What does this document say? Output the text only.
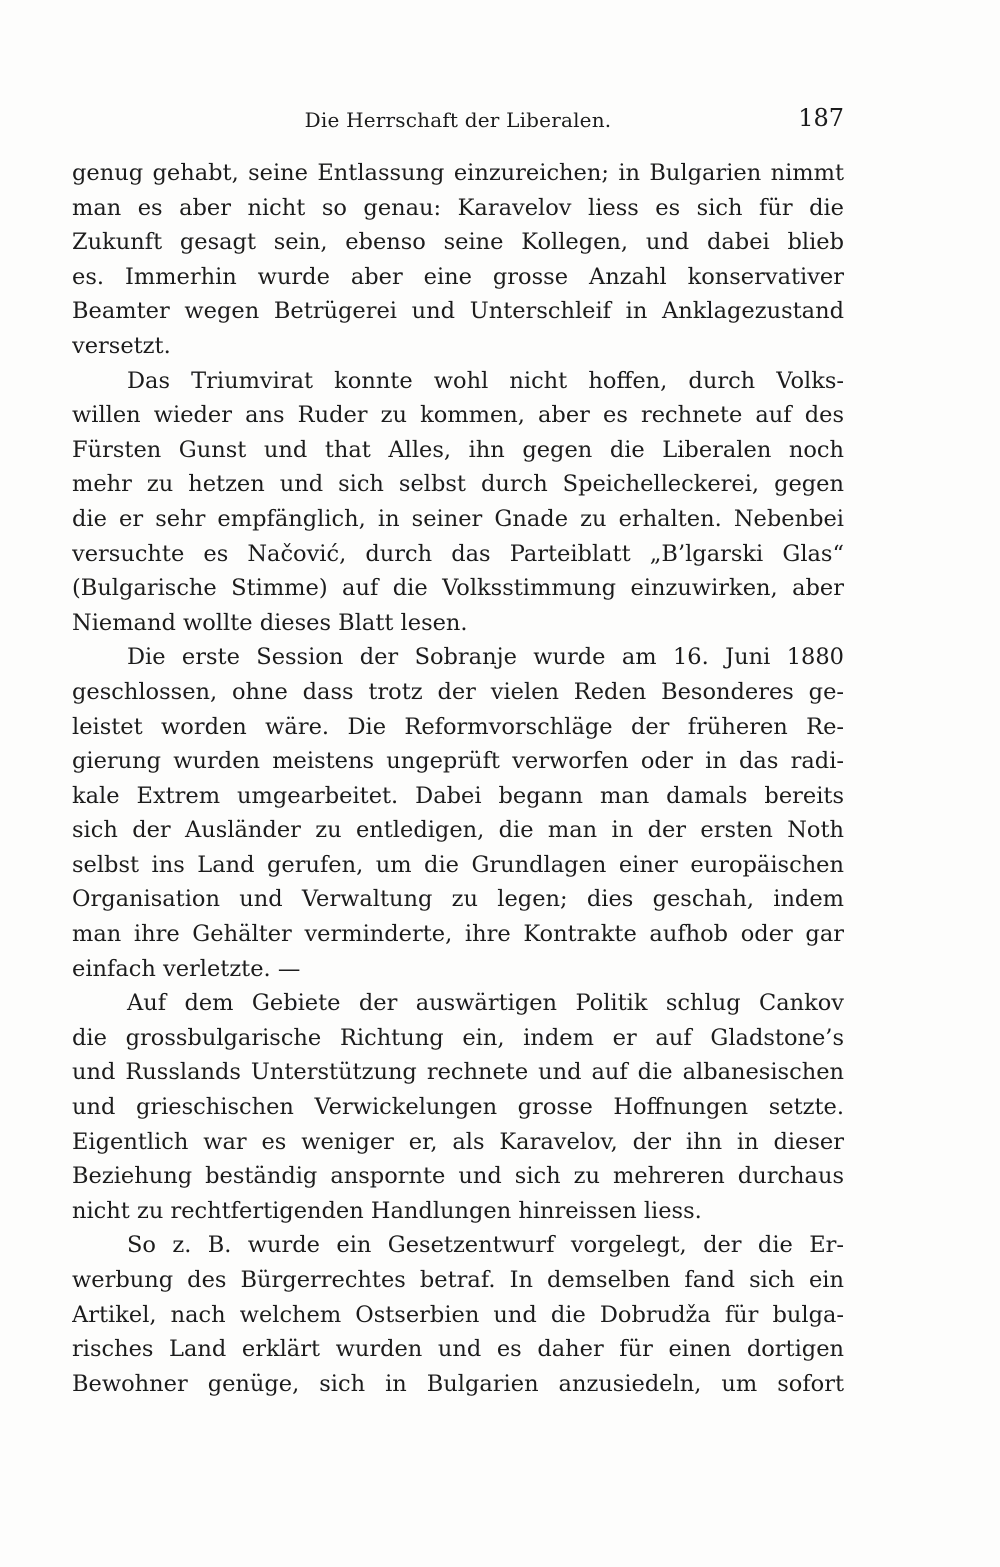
Die Herrschaft der Liberalen.	187

genug gehabt, seine Entlassung einzureichen; in Bulgarien nimmt
man es aber nicht so genau: Karavelov liess es sich für die
Zukunft gesagt sein, ebenso seine Kollegen, und dabei blieb
es. Immerhin wurde aber eine grosse Anzahl konservativer
Beamter wegen Betrügerei und Unterschleif in Anklagezustand
versetzt.

Das Triumvirat konnte wohl nicht hoffen, durch Volks-
willen wieder ans Ruder zu kommen, aber es rechnete auf des
Fürsten Gunst und that Alles, ihn gegen die Liberalen noch
mehr zu hetzen und sich selbst durch Speichelleckerei, gegen
die er sehr empfänglich, in seiner Gnade zu erhalten. Nebenbei
versuchte es Načović, durch das Parteiblatt „B’lgarski Glas“
(Bulgarische Stimme) auf die Volksstimmung einzuwirken, aber
Niemand wollte dieses Blatt lesen.

Die erste Session der Sobranje wurde am 16. Juni 1880
geschlossen, ohne dass trotz der vielen Reden Besonderes ge-
leistet worden wäre. Die Reformvorschläge der früheren Re-
gierung wurden meistens ungeprüft verworfen oder in das radi-
kale Extrem umgearbeitet. Dabei begann man damals bereits
sich der Ausländer zu entledigen, die man in der ersten Noth
selbst ins Land gerufen, um die Grundlagen einer europäischen
Organisation und Verwaltung zu legen; dies geschah, indem
man ihre Gehälter verminderte, ihre Kontrakte aufhob oder gar
einfach verletzte. —

Auf dem Gebiete der auswärtigen Politik schlug Cankov
die grossbulgarische Richtung ein, indem er auf Gladstone’s
und Russlands Unterstützung rechnete und auf die albanesischen
und grieschischen Verwickelungen grosse Hoffnungen setzte.
Eigentlich war es weniger er, als Karavelov, der ihn in dieser
Beziehung beständig anspornte und sich zu mehreren durchaus
nicht zu rechtfertigenden Handlungen hinreissen liess.

So z. B. wurde ein Gesetzentwurf vorgelegt, der die Er-
werbung des Bürgerrechtes betraf. In demselben fand sich ein
Artikel, nach welchem Ostserbien und die Dobrudža für bulga-
risches Land erklärt wurden und es daher für einen dortigen
Bewohner genüge, sich in Bulgarien anzusiedeln, um sofort
